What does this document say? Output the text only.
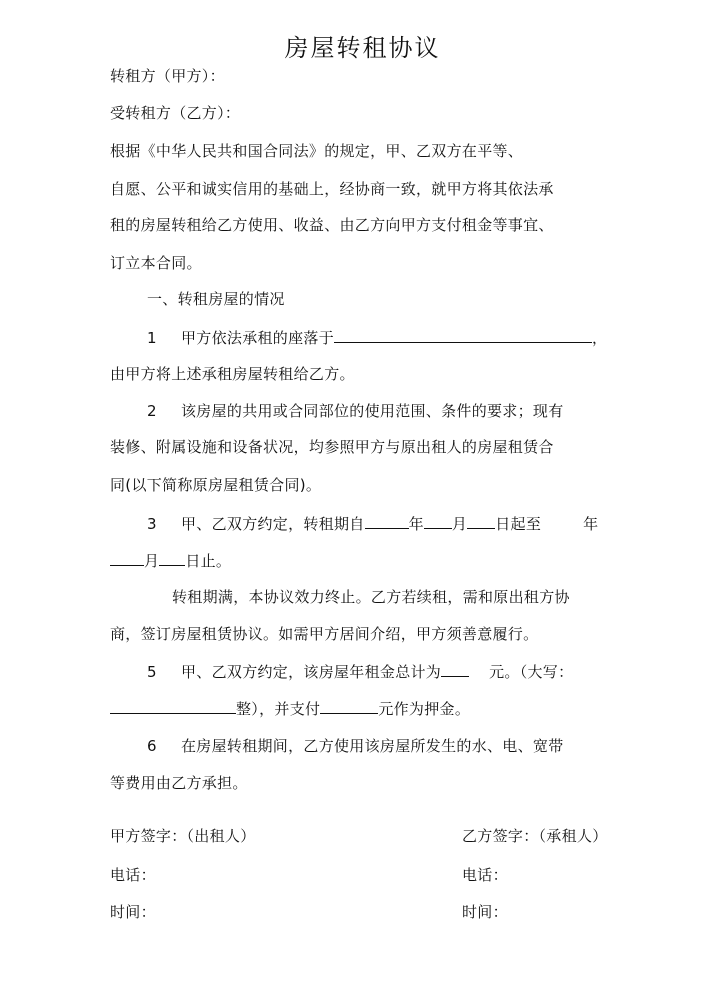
房屋转租协议
转租方（甲方）：
受转租方（乙方）：
根据《中华人民共和国合同法》的规定，甲、乙双方在平等、
自愿、公平和诚实信用的基础上，经协商一致，就甲方将其依法承
租的房屋转租给乙方使用、收益、由乙方向甲方支付租金等事宜、
订立本合同。
一、转租房屋的情况
1 甲方依法承租的座落于	，
由甲方将上述承租房屋转租给乙方。
2 该房屋的共用或合同部位的使用范围、条件的要求；现有
装修、附属设施和设备状况，均参照甲方与原出租人的房屋租赁合
同(以下简称原房屋租赁合同)。
3 甲、乙双方约定，转租期自	年 月 日起至	年
月 日止。
转租期满，本协议效力终止。乙方若续租，需和原出租方协
商，签订房屋租赁协议。如需甲方居间介绍，甲方须善意履行。
5 甲、乙双方约定，该房屋年租金总计为	元。（大写：
整），并支付	元作为押金。
6 在房屋转租期间，乙方使用该房屋所发生的水、电、宽带
等费用由乙方承担。
甲方签字：（出租人）	乙方签字：（承租人）
电话：	电话：
时间：	时间：
